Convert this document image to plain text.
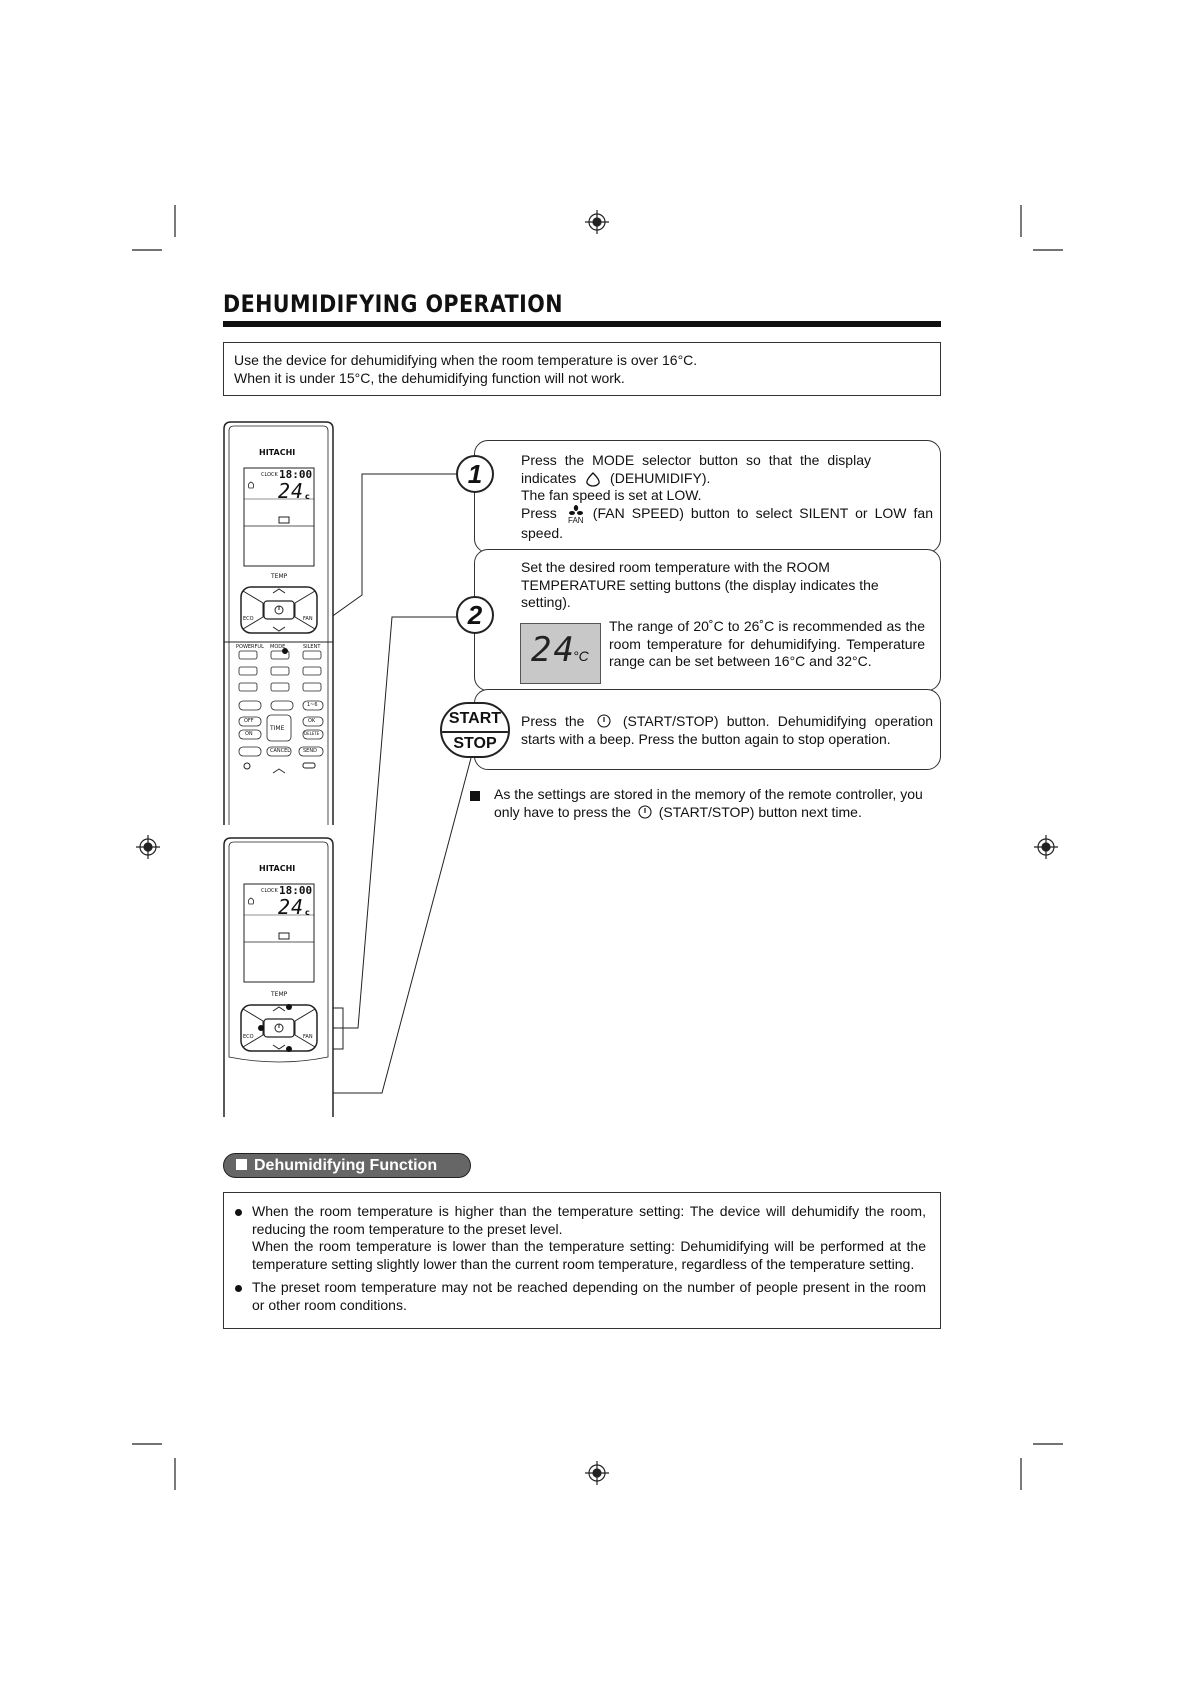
DEHUMIDIFYING OPERATION
Use the device for dehumidifying when the room temperature is over 16°C.
When it is under 15°C, the dehumidifying function will not work.
HITACHI
CLOCK 18:00
24 c
TEMP
ECO	FAN
POWERFUL MODE	SILENT
OFF
ON
TIME
OK
DELETE
1~6
CANCEL	SEND
HITACHI
CLOCK 18:00
24 c
TEMP
ECO	FAN
1	Press the MODE selector button so that the display
indicates (DEHUMIDIFY).
The fan speed is set at LOW.
Press	FAN (FAN SPEED) button to select SILENT or LOW fan
speed.
2
Set the desired room temperature with the ROOM TEMPERATURE setting buttons (the display indicates the setting).
24
°C
The range of 20˚C to 26˚C is recommended as the room temperature for dehumidifying. Temperature range can be set between 16°C and 32°C.
START
STOP
Press the	(START/STOP) button. Dehumidifying operation starts with a beep. Press the button again to stop operation.
As the settings are stored in the memory of the remote controller, you only have to press the (START/STOP) button next time.
Dehumidifying Function

When the room temperature is higher than the temperature setting: The device will dehumidify the room, reducing the room temperature to the preset level.

When the room temperature is lower than the temperature setting: Dehumidifying will be performed at the temperature setting slightly lower than the current room temperature, regardless of the temperature setting.

The preset room temperature may not be reached depending on the number of people present in the room or other room conditions.
